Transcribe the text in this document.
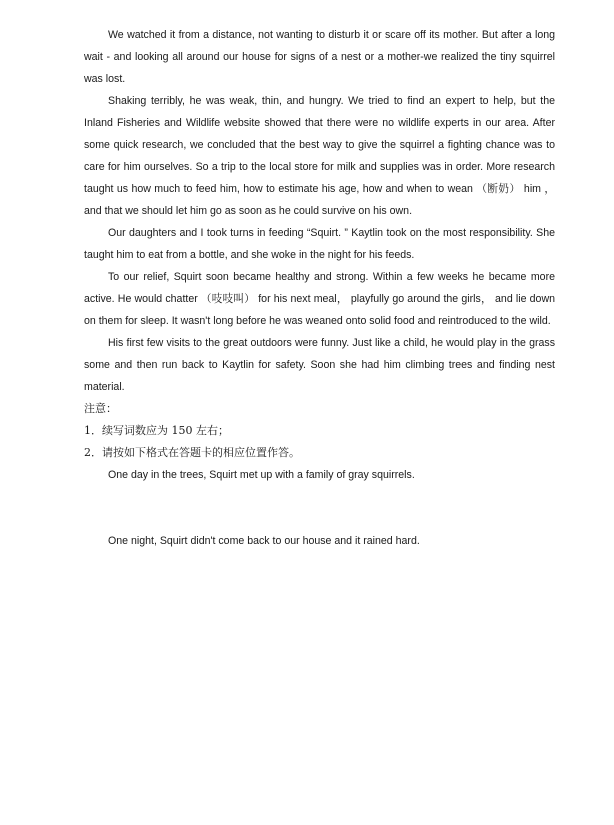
We watched it from a distance, not wanting to disturb it or scare off its mother. But after a long wait - and looking all around our house for signs of a nest or a mother-we realized the tiny squirrel was lost.

Shaking terribly, he was weak, thin, and hungry. We tried to find an expert to help, but the Inland Fisheries and Wildlife website showed that there were no wildlife experts in our area. After some quick research, we concluded that the best way to give the squirrel a fighting chance was to care for him ourselves. So a trip to the local store for milk and supplies was in order. More research taught us how much to feed him, how to estimate his age, how and when to wean （断奶） him ， and that we should let him go as soon as he could survive on his own.

Our daughters and I took turns in feeding “Squirt. ” Kaytlin took on the most responsibility. She taught him to eat from a bottle, and she woke in the night for his feeds.

To our relief, Squirt soon became healthy and strong. Within a few weeks he became more active. He would chatter （吱吱叫） for his next meal， playfully go around the girls， and lie down on them for sleep. It wasn't long before he was weaned onto solid food and reintroduced to the wild.

His first few visits to the great outdoors were funny. Just like a child, he would play in the grass some and then run back to Kaytlin for safety. Soon she had him climbing trees and finding nest material.

注意：

1．续写词数应为 150 左右；

2．请按如下格式在答题卡的相应位置作答。

One day in the trees, Squirt met up with a family of gray squirrels.

One night, Squirt didn't come back to our house and it rained hard.
